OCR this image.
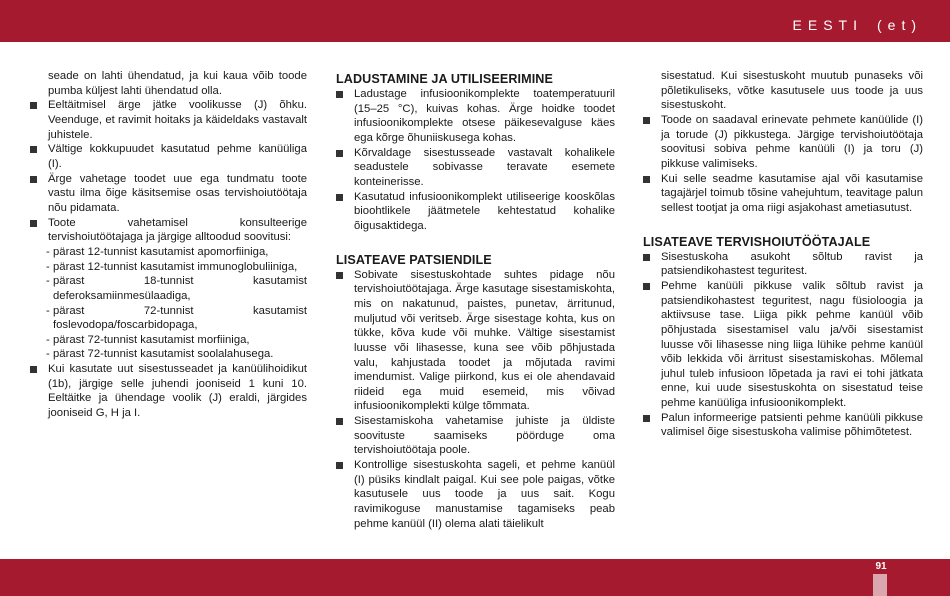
EESTI (et)

seade on lahti ühendatud, ja kui kaua võib toode pumba küljest lahti ühendatud olla.

Eeltäitmisel ärge jätke voolikusse (J) õhku. Veenduge, et ravimit hoitaks ja käideldaks vastavalt juhistele.
Vältige kokkupuudet kasutatud pehme kanüüliga (I).
Ärge vahetage toodet uue ega tundmatu toote vastu ilma õige käsitsemise osas tervishoiutöötaja nõu pidamata.
Toote vahetamisel konsulteerige tervishoiutöötajaga ja järgige alltoodud soovitusi:
- pärast 12-tunnist kasutamist apomorfiiniga,
- pärast 12-tunnist kasutamist immunoglobuliiniga,
- pärast 18-tunnist kasutamist deferoksamiinmesülaadiga,
- pärast 72-tunnist kasutamist foslevodopa/foscarbidopaga,
- pärast 72-tunnist kasutamist morfiiniga,
- pärast 72-tunnist kasutamist soolalahusega.
Kui kasutate uut sisestusseadet ja kanüülihoidikut (1b), järgige selle juhendi jooniseid 1 kuni 10. Eeltäitke ja ühendage voolik (J) eraldi, järgides jooniseid G, H ja I.
LADUSTAMINE JA UTILISEERIMINE
Ladustage infusioonikomplekte toatemperatuuril (15–25 °C), kuivas kohas. Ärge hoidke toodet infusioonikomplekte otsese päikesevalguse käes ega kõrge õhuniiskusega kohas.
Kõrvaldage sisestusseade vastavalt kohalikele seadustele sobivasse teravate esemete konteinerisse.
Kasutatud infusioonikomplekt utiliseerige kooskõlas bioohtlikele jäätmetele kehtestatud kohalike õigusaktidega.
LISATEAVE PATSIENDILE
Sobivate sisestuskohtade suhtes pidage nõu tervishoiutöötajaga. Ärge kasutage sisestamiskohta, mis on nakatunud, paistes, punetav, ärritunud, muljutud või veritseb. Ärge sisestage kohta, kus on tükke, kõva kude või muhke. Vältige sisestamist luusse või lihasesse, kuna see võib põhjustada valu, kahjustada toodet ja mõjutada ravimi imendumist. Valige piirkond, kus ei ole ahendavaid riideid ega muid esemeid, mis võivad infusioonikomplekti külge tõmmata.
Sisestamiskoha vahetamise juhiste ja üldiste soovituste saamiseks pöörduge oma tervishoiutöötaja poole.
Kontrollige sisestuskohta sageli, et pehme kanüül (I) püsiks kindlalt paigal. Kui see pole paigas, võtke kasutusele uus toode ja uus sait. Kogu ravimikoguse manustamise tagamiseks peab pehme kanüül (II) olema alati täielikult

sisestatud. Kui sisestuskoht muutub punaseks või põletikuliseks, võtke kasutusele uus toode ja uus sisestuskoht.

Toode on saadaval erinevate pehmete kanüülide (I) ja torude (J) pikkustega. Järgige tervishoiutöötaja soovitusi sobiva pehme kanüüli (I) ja toru (J) pikkuse valimiseks.
Kui selle seadme kasutamise ajal või kasutamise tagajärjel toimub tõsine vahejuhtum, teavitage palun sellest tootjat ja oma riigi asjakohast ametiasutust.
LISATEAVE TERVISHOIUTÖÖTAJALE
Sisestuskoha asukoht sõltub ravist ja patsiendikohastest teguritest.
Pehme kanüüli pikkuse valik sõltub ravist ja patsiendikohastest teguritest, nagu füsioloogia ja aktiivsuse tase. Liiga pikk pehme kanüül võib põhjustada sisestamisel valu ja/või sisestamist luusse või lihasesse ning liiga lühike pehme kanüül võib lekkida või ärritust sisestamiskohas. Mõlemal juhul tuleb infusioon lõpetada ja ravi ei tohi jätkata enne, kui uude sisestuskohta on sisestatud teise pehme kanüüliga infusioonikomplekt.
Palun informeerige patsienti pehme kanüüli pikkuse valimisel õige sisestuskoha valimise põhimõtetest.
91
